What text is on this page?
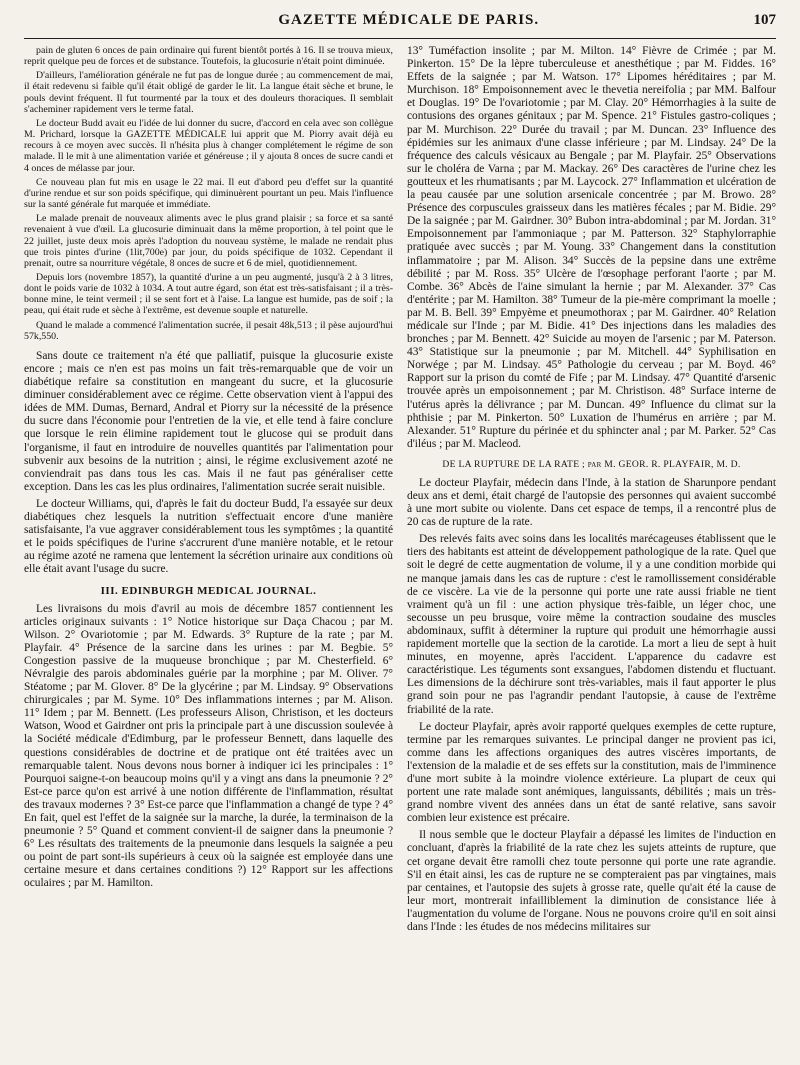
GAZETTE MÉDICALE DE PARIS.	107

pain de gluten 6 onces de pain ordinaire qui furent bientôt portés à 16. Il se trouva mieux, reprit quelque peu de forces et de substance. Toutefois, la glucosurie n'était point diminuée.

D'ailleurs, l'amélioration générale ne fut pas de longue durée ; au commencement de mai, il était redevenu si faible qu'il était obligé de garder le lit. La langue était sèche et brune, le pouls devint fréquent. Il fut tourmenté par la toux et des douleurs thoraciques. Il semblait s'acheminer rapidement vers le terme fatal.

Le docteur Budd avait eu l'idée de lui donner du sucre, d'accord en cela avec son collègue M. Prichard, lorsque la GAZETTE MÉDICALE lui apprit que M. Piorry avait déjà eu recours à ce moyen avec succès. Il n'hésita plus à changer complétement le régime de son malade. Il le mit à une alimentation variée et généreuse ; il y ajouta 8 onces de sucre candi et 4 onces de mélasse par jour.

Ce nouveau plan fut mis en usage le 22 mai. Il eut d'abord peu d'effet sur la quantité d'urine rendue et sur son poids spécifique, qui diminuèrent pourtant un peu. Mais l'influence sur la santé générale fut marquée et immédiate.

Le malade prenait de nouveaux aliments avec le plus grand plaisir ; sa force et sa santé revenaient à vue d'œil. La glucosurie diminuait dans la même proportion, à tel point que le 22 juillet, juste deux mois après l'adoption du nouveau système, le malade ne rendait plus que trois pintes d'urine (1lit,700e) par jour, du poids spécifique de 1032. Cependant il prenait, outre sa nourriture végétale, 8 onces de sucre et 6 de miel, quotidiennement.

Depuis lors (novembre 1857), la quantité d'urine a un peu augmenté, jusqu'à 2 à 3 litres, dont le poids varie de 1032 à 1034. A tout autre égard, son état est très-satisfaisant ; il a très-bonne mine, le teint vermeil ; il se sent fort et à l'aise. La langue est humide, pas de soif ; la peau, qui était rude et sèche à l'extrême, est devenue souple et naturelle.

Quand le malade a commencé l'alimentation sucrée, il pesait 48k,513 ; il pèse aujourd'hui 57k,550.

Sans doute ce traitement n'a été que palliatif, puisque la glucosurie existe encore ; mais ce n'en est pas moins un fait très-remarquable que de voir un diabétique refaire sa constitution en mangeant du sucre, et la glucosurie diminuer considérablement avec ce régime. Cette observation vient à l'appui des idées de MM. Dumas, Bernard, Andral et Piorry sur la nécessité de la présence du sucre dans l'économie pour l'entretien de la vie, et elle tend à faire conclure que lorsque le rein élimine rapidement tout le glucose qui se produit dans l'organisme, il faut en introduire de nouvelles quantités par l'alimentation pour subvenir aux besoins de la nutrition ; ainsi, le régime exclusivement azoté ne conviendrait pas dans tous les cas. Mais il ne faut pas généraliser cette exception. Dans les cas les plus ordinaires, l'alimentation sucrée serait nuisible.

Le docteur Williams, qui, d'après le fait du docteur Budd, l'a essayée sur deux diabétiques chez lesquels la nutrition s'effectuait encore d'une manière satisfaisante, l'a vue aggraver considérablement tous les symptômes ; la quantité et le poids spécifiques de l'urine s'accrurent d'une manière notable, et le retour au régime azoté ne ramena que lentement la sécrétion urinaire aux conditions où elle était avant l'usage du sucre.

III. EDINBURGH MEDICAL JOURNAL.

Les livraisons du mois d'avril au mois de décembre 1857 contiennent les articles originaux suivants : 1° Notice historique sur Daça Chacou ; par M. Wilson. 2° Ovariotomie ; par M. Edwards. 3° Rupture de la rate ; par M. Playfair. 4° Présence de la sarcine dans les urines : par M. Begbie. 5° Congestion passive de la muqueuse bronchique ; par M. Chesterfield. 6° Névralgie des parois abdominales guérie par la morphine ; par M. Oliver. 7° Stéatome ; par M. Glover. 8° De la glycérine ; par M. Lindsay. 9° Observations chirurgicales ; par M. Syme. 10° Des inflammations internes ; par M. Alison. 11° Idem ; par M. Bennett. (Les professeurs Alison, Christison, et les docteurs Watson, Wood et Gairdner ont pris la principale part à une discussion soulevée à la Société médicale d'Edimburg, par le professeur Bennett, dans laquelle des questions considérables de doctrine et de pratique ont été traitées avec un remarquable talent. Nous devons nous borner à indiquer ici les principales : 1° Pourquoi saigne-t-on beaucoup moins qu'il y a vingt ans dans la pneumonie ? 2° Est-ce parce qu'on est arrivé à une notion différente de l'inflammation, résultat des travaux modernes ? 3° Est-ce parce que l'inflammation a changé de type ? 4° En fait, quel est l'effet de la saignée sur la marche, la durée, la terminaison de la pneumonie ? 5° Quand et comment convient-il de saigner dans la pneumonie ? 6° Les résultats des traitements de la pneumonie dans lesquels la saignée a peu ou point de part sont-ils supérieurs à ceux où la saignée est employée dans une certaine mesure et dans certaines conditions ?) 12° Rapport sur les affections oculaires ; par M. Hamilton.

13° Tuméfaction insolite ; par M. Milton. 14° Fièvre de Crimée ; par M. Pinkerton. 15° De la lèpre tuberculeuse et anesthétique ; par M. Fiddes. 16° Effets de la saignée ; par M. Watson. 17° Lipomes héréditaires ; par M. Murchison. 18° Empoisonnement avec le thevetia nereifolia ; par MM. Balfour et Douglas. 19° De l'ovariotomie ; par M. Clay. 20° Hémorrhagies à la suite de contusions des organes génitaux ; par M. Spence. 21° Fistules gastro-coliques ; par M. Murchison. 22° Durée du travail ; par M. Duncan. 23° Influence des épidémies sur les animaux d'une classe inférieure ; par M. Lindsay. 24° De la fréquence des calculs vésicaux au Bengale ; par M. Playfair. 25° Observations sur le choléra de Varna ; par M. Mackay. 26° Des caractères de l'urine chez les goutteux et les rhumatisants ; par M. Laycock. 27° Inflammation et ulcération de la peau causée par une solution arsenicale concentrée ; par M. Browo. 28° Présence des corpuscules graisseux dans les matières fécales ; par M. Bidie. 29° De la saignée ; par M. Gairdner. 30° Bubon intra-abdominal ; par M. Jordan. 31° Empoisonnement par l'ammoniaque ; par M. Patterson. 32° Staphylorraphie pratiquée avec succès ; par M. Young. 33° Changement dans la constitution inflammatoire ; par M. Alison. 34° Succès de la pepsine dans une extrême débilité ; par M. Ross. 35° Ulcère de l'œsophage perforant l'aorte ; par M. Combe. 36° Abcès de l'aine simulant la hernie ; par M. Alexander. 37° Cas d'entérite ; par M. Hamilton. 38° Tumeur de la pie-mère comprimant la moelle ; par M. B. Bell. 39° Empyème et pneumothorax ; par M. Gairdner. 40° Relation médicale sur l'Inde ; par M. Bidie. 41° Des injections dans les maladies des bronches ; par M. Bennett. 42° Suicide au moyen de l'arsenic ; par M. Paterson. 43° Statistique sur la pneumonie ; par M. Mitchell. 44° Syphilisation en Norwége ; par M. Lindsay. 45° Pathologie du cerveau ; par M. Boyd. 46° Rapport sur la prison du comté de Fife ; par M. Lindsay. 47° Quantité d'arsenic trouvée après un empoisonnement ; par M. Christison. 48° Surface interne de l'utérus après la délivrance ; par M. Duncan. 49° Influence du climat sur la phthisie ; par M. Pinkerton. 50° Luxation de l'humérus en arrière ; par M. Alexander. 51° Rupture du périnée et du sphincter anal ; par M. Parker. 52° Cas d'iléus ; par M. Macleod.

DE LA RUPTURE DE LA RATE ; par M. GEOR. R. PLAYFAIR, M. D.

Le docteur Playfair, médecin dans l'Inde, à la station de Sharunpore pendant deux ans et demi, était chargé de l'autopsie des personnes qui avaient succombé à une mort subite ou violente. Dans cet espace de temps, il a rencontré plus de 20 cas de rupture de la rate.

Des relevés faits avec soins dans les localités marécageuses établissent que le tiers des habitants est atteint de développement pathologique de la rate. Quel que soit le degré de cette augmentation de volume, il y a une condition morbide qui ne manque jamais dans les cas de rupture : c'est le ramollissement considérable de ce viscère. La vie de la personne qui porte une rate aussi friable ne tient vraiment qu'à un fil : une action physique très-faible, un léger choc, une secousse un peu brusque, voire même la contraction soudaine des muscles abdominaux, suffit à déterminer la rupture qui produit une hémorrhagie aussi rapidement mortelle que la section de la carotide. La mort a lieu de sept à huit minutes, en moyenne, après l'accident. L'apparence du cadavre est caractéristique. Les téguments sont exsangues, l'abdomen distendu et fluctuant. Les dimensions de la déchirure sont très-variables, mais il faut apporter le plus grand soin pour ne pas l'agrandir pendant l'autopsie, à cause de l'extrême friabilité de la rate.

Le docteur Playfair, après avoir rapporté quelques exemples de cette rupture, termine par les remarques suivantes. Le principal danger ne provient pas ici, comme dans les affections organiques des autres viscères importants, de l'extension de la maladie et de ses effets sur la constitution, mais de l'imminence d'une mort subite à la moindre violence extérieure. La plupart de ceux qui portent une rate malade sont anémiques, languissants, débilités ; mais un très-grand nombre vivent des années dans un état de santé relative, sans savoir combien leur existence est précaire.

Il nous semble que le docteur Playfair a dépassé les limites de l'induction en concluant, d'après la friabilité de la rate chez les sujets atteints de rupture, que cet organe devait être ramolli chez toute personne qui porte une rate agrandie. S'il en était ainsi, les cas de rupture ne se compteraient pas par vingtaines, mais par centaines, et l'autopsie des sujets à grosse rate, quelle qu'ait été la cause de leur mort, montrerait infailliblement la diminution de consistance liée à l'augmentation du volume de l'organe. Nous ne pouvons croire qu'il en soit ainsi dans l'Inde : les études de nos médecins militaires sur
